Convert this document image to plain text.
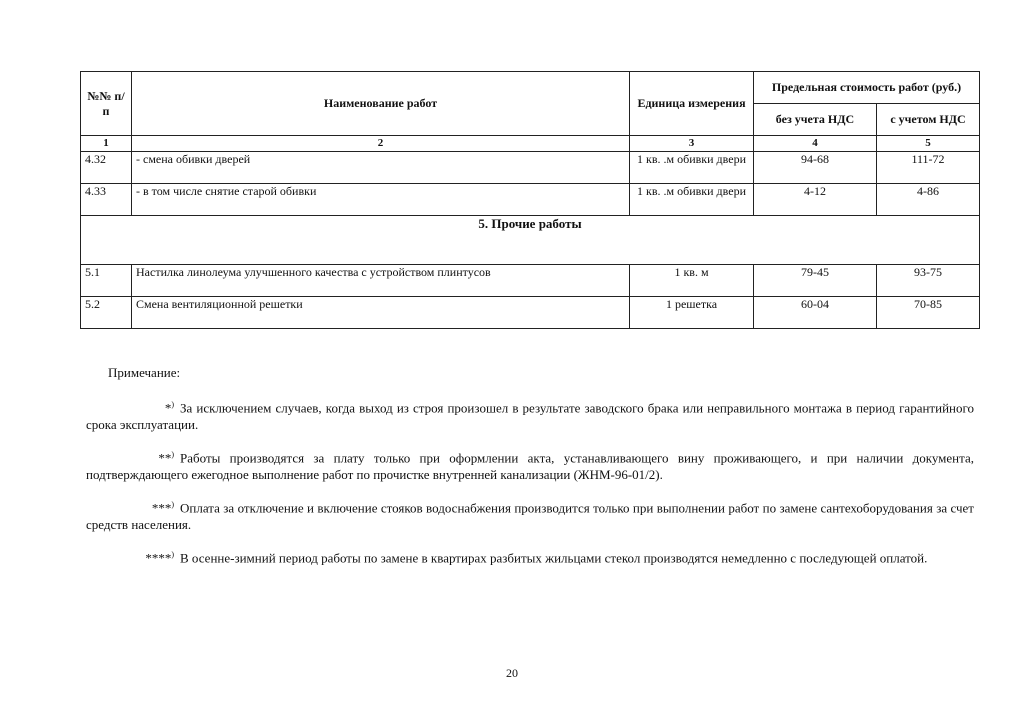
№№ п/п	Наименование работ	Единица измерения	Предельная стоимость работ (руб.)	
			без учета НДС	с учетом НДС
1	2	3	4	5
4.32	- смена обивки дверей	1 кв. .м обивки двери	94-68	111-72
4.33	- в том числе снятие старой обивки	1 кв. .м обивки двери	4-12	4-86
5. Прочие работы				
5.1	Настилка линолеума улучшенного качества с устройством плинтусов	1 кв. м	79-45	93-75
5.2	Смена вентиляционной решетки	1 решетка	60-04	70-85
Примечание:
*) За исключением случаев, когда выход из строя произошел в результате заводского брака или неправильного монтажа в период гарантийного срока эксплуатации.
**) Работы производятся за плату только при оформлении акта, устанавливающего вину проживающего, и при наличии документа, подтверждающего ежегодное выполнение работ по прочистке внутренней канализации (ЖНМ-96-01/2).
***) Оплата за отключение и включение стояков водоснабжения производится только при выполнении работ по замене сантехоборудования за счет средств населения.
****) В осенне-зимний период работы по замене в квартирах разбитых жильцами стекол производятся немедленно с последующей оплатой.
20
